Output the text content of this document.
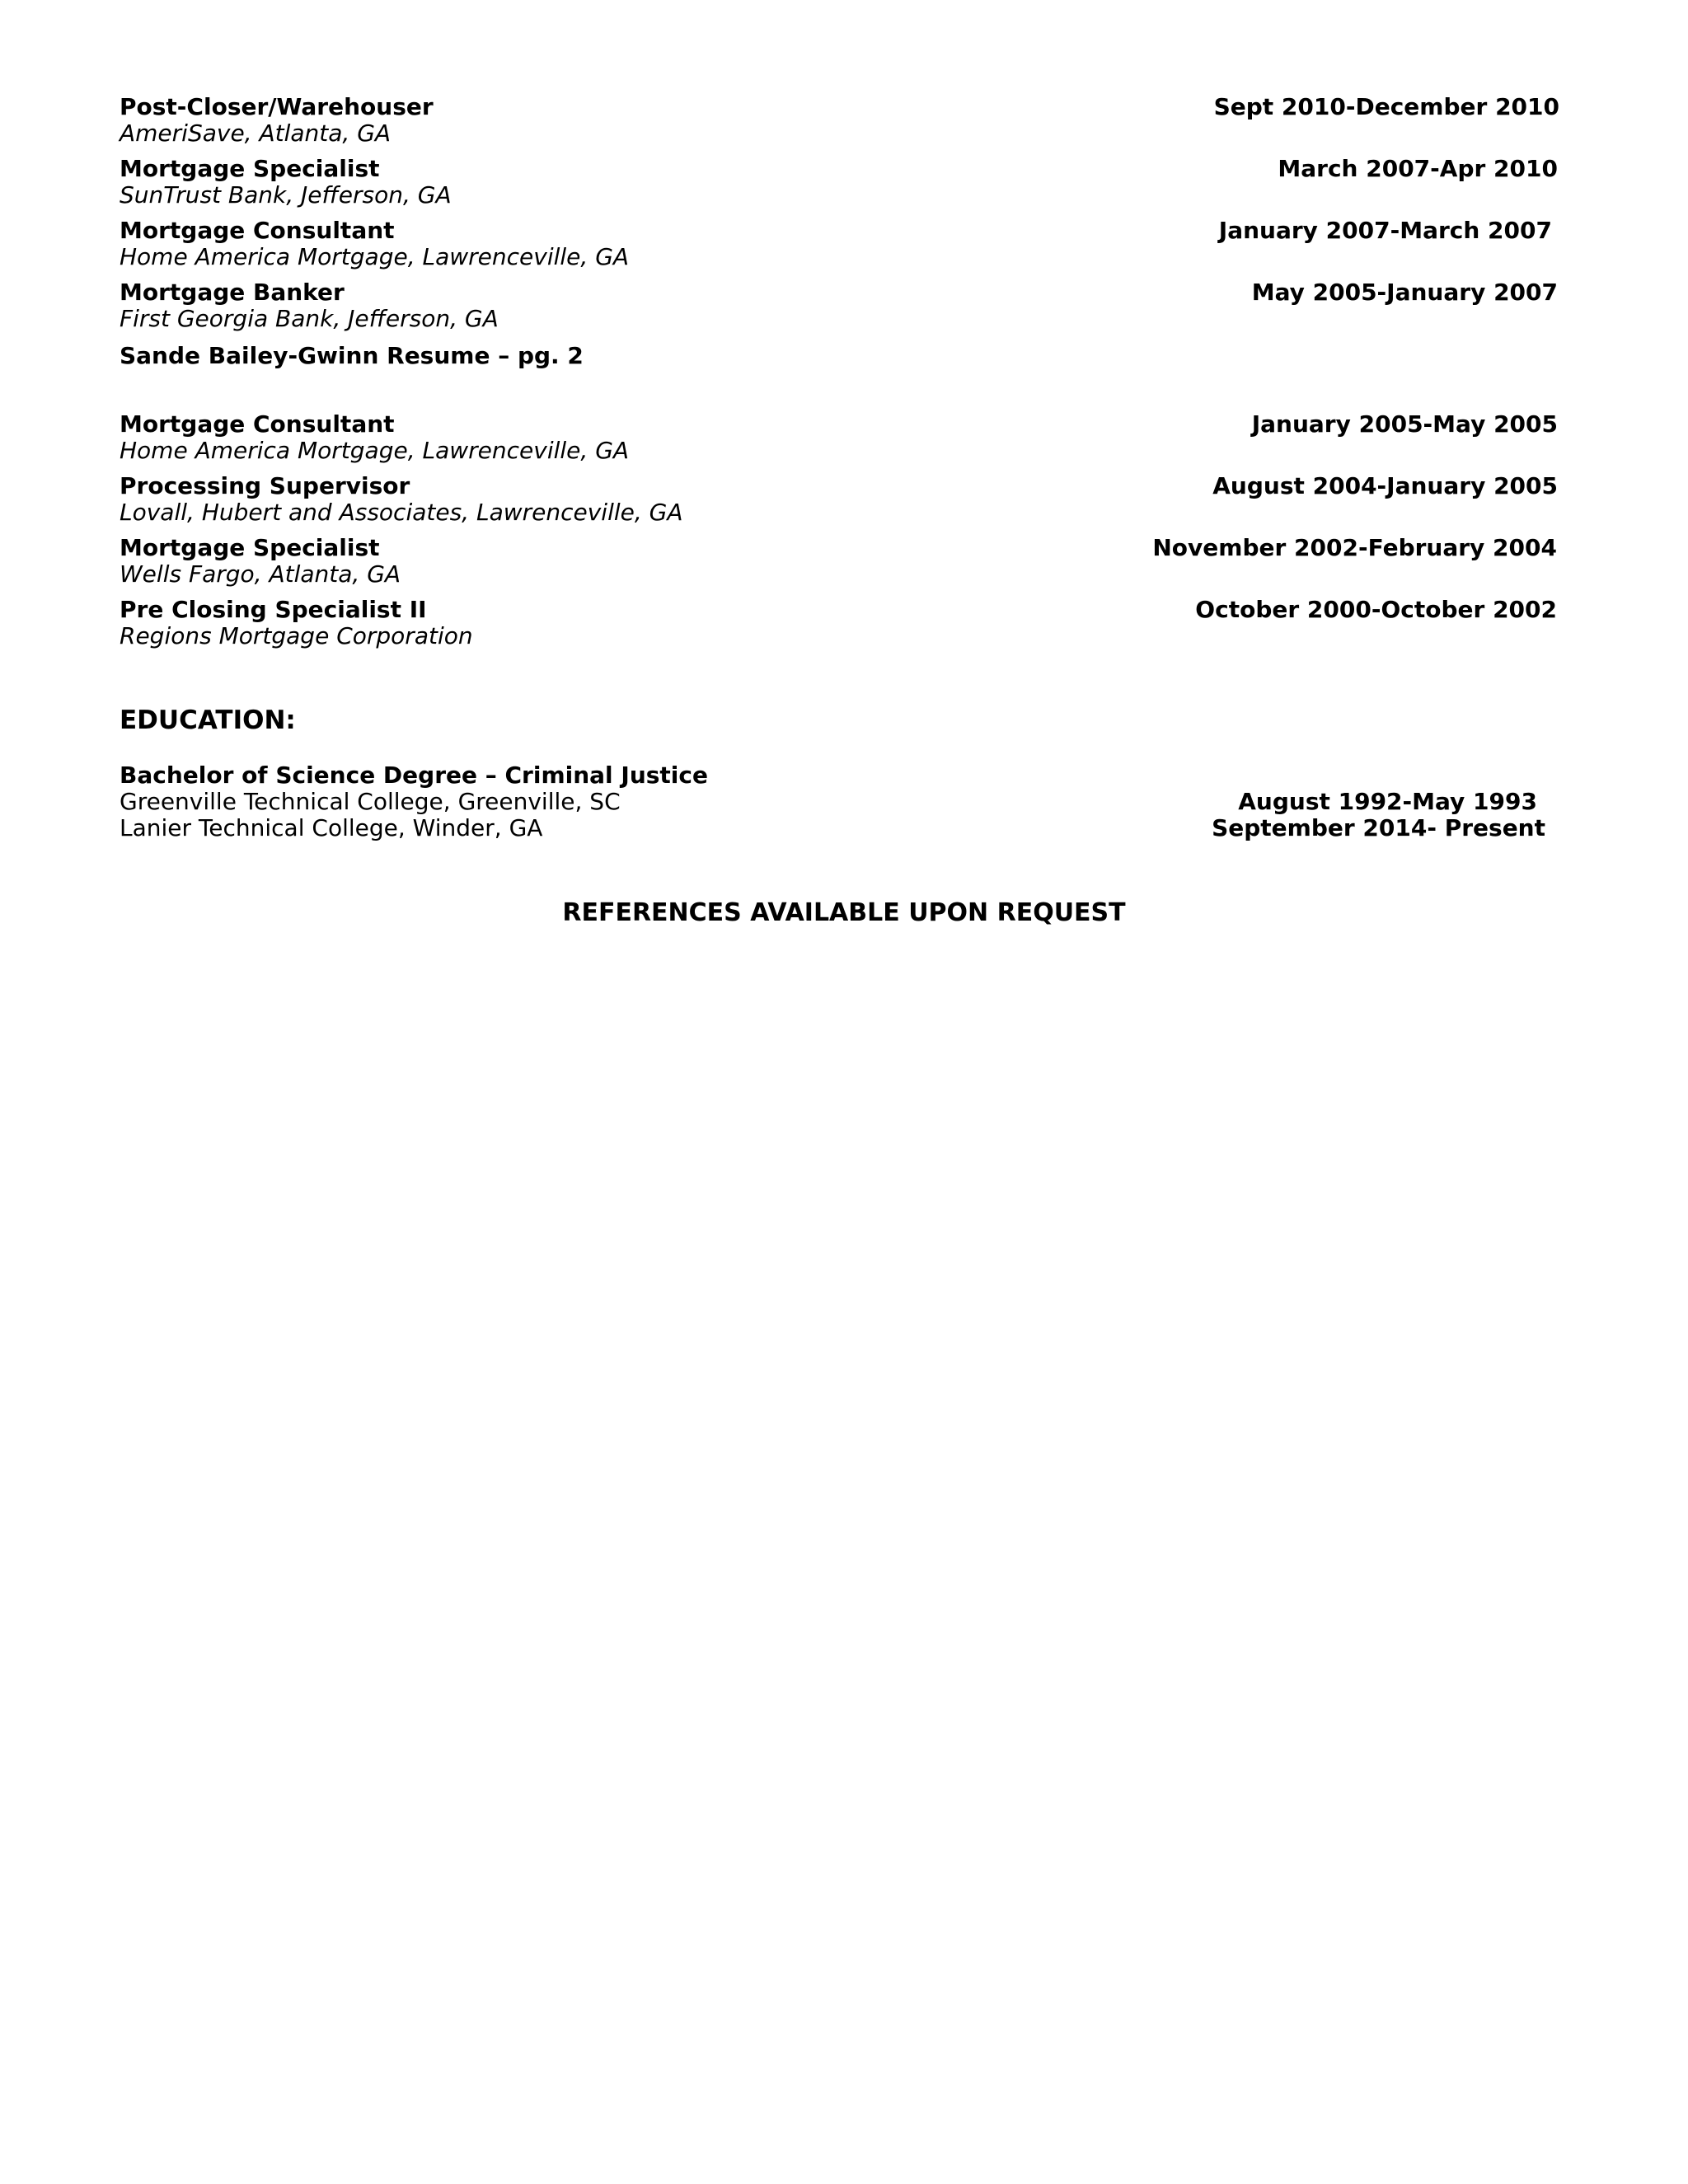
Post-Closer/Warehouser
AmeriSave, Atlanta, GA
Sept 2010-December 2010
Mortgage Specialist
SunTrust Bank, Jefferson, GA
March 2007-Apr 2010
Mortgage Consultant
Home America Mortgage, Lawrenceville, GA
January 2007-March 2007
Mortgage Banker
First Georgia Bank, Jefferson, GA
May 2005-January 2007
Sande Bailey-Gwinn Resume – pg. 2
Mortgage Consultant
Home America Mortgage, Lawrenceville, GA
January 2005-May 2005
Processing Supervisor
Lovall, Hubert and Associates, Lawrenceville, GA
August 2004-January 2005
Mortgage Specialist
Wells Fargo, Atlanta, GA
November 2002-February 2004
Pre Closing Specialist II
Regions Mortgage Corporation
October 2000-October 2002
EDUCATION:
Bachelor of Science Degree – Criminal Justice
Greenville Technical College, Greenville, SC
Lanier Technical College, Winder, GA
August 1992-May 1993
September 2014- Present
REFERENCES AVAILABLE UPON REQUEST
